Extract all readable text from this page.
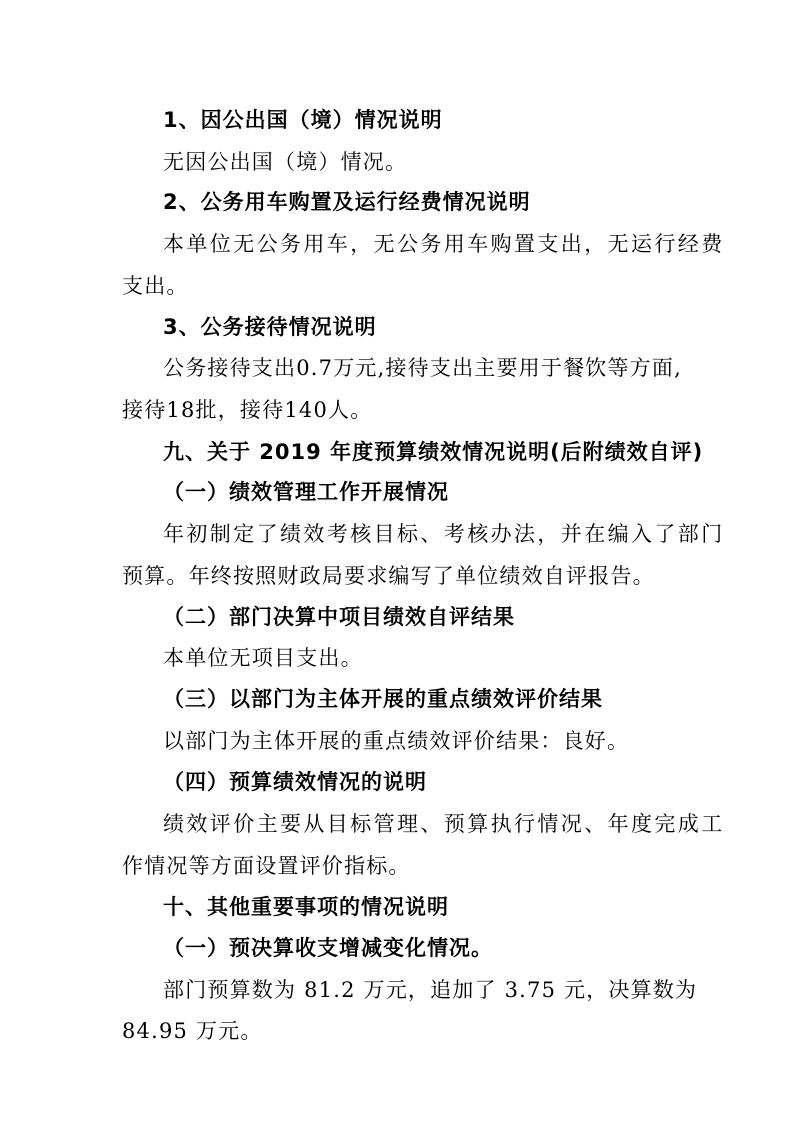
1、因公出国（境）情况说明
无因公出国（境）情况。
2、公务用车购置及运行经费情况说明
本单位无公务用车，无公务用车购置支出，无运行经费
支出。
3、公务接待情况说明
公务接待支出0.7万元,接待支出主要用于餐饮等方面,
接待18批，接待140人。
九、关于 2019 年度预算绩效情况说明(后附绩效自评)
（一）绩效管理工作开展情况
年初制定了绩效考核目标、考核办法，并在编入了部门
预算。年终按照财政局要求编写了单位绩效自评报告。
（二）部门决算中项目绩效自评结果
本单位无项目支出。
（三）以部门为主体开展的重点绩效评价结果
以部门为主体开展的重点绩效评价结果：良好。
（四）预算绩效情况的说明
绩效评价主要从目标管理、预算执行情况、年度完成工
作情况等方面设置评价指标。
十、其他重要事项的情况说明
（一）预决算收支增减变化情况。
部门预算数为 81.2 万元，追加了 3.75 元，决算数为
84.95 万元。
